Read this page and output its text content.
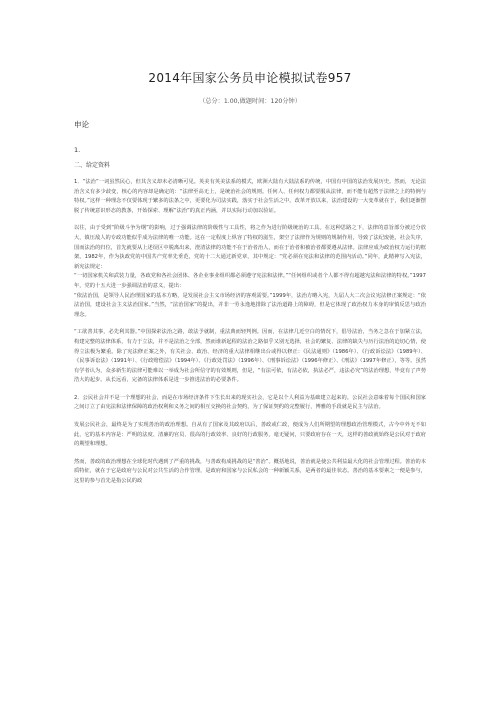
2014年国家公务员申论模拟试卷957

（总分：1.00,做题时间：120分钟）

申论

1.

二、给定资料

1．“法治”一词虽然民心，但其含义却未必清晰可见。英美有英美法系的模式，欧洲大陆有大陆法系的传统，中国有中国的法治发展历史。然而，无论法治含义有多少歧变，核心的内容却是确定的：“法律至高无上，是统治社会的规则。任何人、任何权力都要服从法律，而不能有超然于法律之上的特例与特权。”这样一种理念不仅要体现于繁多的法条之中，更要化为司法实践，落实于社会生活之中。改革开放以来，法治建设的一大变革就在于，我们逐渐摆脱了传统意识形态的教条，开始探索、理解“法治”的真正内涵，并以实际行动加以验证。

以往，由于受到“阶级斗争为纲”的影响，过于强调法律的阶级性与工具性，将之作为进行阶级统治的工具。在这种思路之下，法律的意旨部分被过分放大，镇压敌人的专政功能似乎成为法律的唯一功能。这在一定程度上纵容了特权的滋生，架空了法律作为规则的规制作用，导致了法纪废弛，社会失序，国而法治的归位，首先就要从上述误区中脱离出来，澄清法律的功能不在于治者治人，而在于治者和被治者都要遵从法律。法律应成为政治权力运行的框架。1982年，作为执政党的中国共产党率先垂范，党的十二大通过新党章，其中规定：“党必须在宪法和法律的范围内活动。”同年，此精神写入宪法，新宪法规定：

“一切国家机关和武装力量，各政党和各社会团体、各企业事业组织都必须遵守宪法和法律。”“任何组织或者个人都不得有超越宪法和法律的特权。”1997年，党的十五大进一步强调法治的意义，提出：

“依法治国，是领导人民治理国家的基本方略，是发展社会主义市场经济的客观需要。”1999年，法治方略入宪，九届人大二次会议宪法修正案规定：“依法治国，建设社会主义法治国家。”当然，“法治国家”的提出，并非一劳永逸地排除了法治道路上的障碍，但是它体现了政治权力本身的审慎反思与政治理念。

“工欲善其事，必先利其器。”中国探索法治之路，敢法予就制，重法典而轻判例。因而，在法律几近空白的情况下，倡导法治，当务之急在于加紧立法，构建完整的法律体系，有力于立法，并不是法治之全部，然而谁新起程的法治之路似乎又别无选择，社会的繁复、法律的缺失与历行法治的迫切心情，使得立法极为繁重。除了宪法修正案之外，有关社会、政治、经济的重大法律相继出台或得以修正：《民法通则》（1986年）、《行政诉讼法》（1989年）、《民事诉讼法》（1991年）、《行政赔偿法》（1994年）、《行政处罚法》（1996年）、《刑事诉讼法》（1996年修正）、《刑法》（1997年修正），等等。虽然有学者认为，众多新生的法律可能难以一举成为社会所信守的有效规则，但是，“有法可依，有法必依，执法必严，违法必究”的法治理想，毕竟有了声势浩大的起步。从长远看，完备的法律体系是进一步推进法治的必要条件。

2．公民社会并不是一个理想的社会，而是在市场经济条件下生长出来的现实社会，它是以个人利益为基础建立起来的。公民社会意味着每个国民和国家之间订立了由宪法和法律保障的政治权利和义务之间的相互交换的社会契约，为了保证契约的完整履行，博雅的手段就是民主与法治。

发展公民社会，最终是为了实现善治的政治理想。自从有了国家及其政府以后，善政或仁政，便成为人们所期望的理想政治管理模式，古今中外无不如此，它的基本内容是：严明的法度、清廉的官员、很高的行政效率、良好的行政服务，毫无疑问，只要政府存在一天，这样的善政就始终是公民对于政府的期望和理想。

然而，善政的政治理想在全球化时代遇到了严重的挑战，与善政构成挑战的是“善治”。概括地说，善治就是使公共利益最大化的社会管理过程。善治的本质特征，就在于它是政府与公民对公共生活的合作管理，是政府和国家与公民私会的一种新颖关系，是两者的最佳状态。善治的基本要素之一便是参与，这里的参与首先是指公民的政
